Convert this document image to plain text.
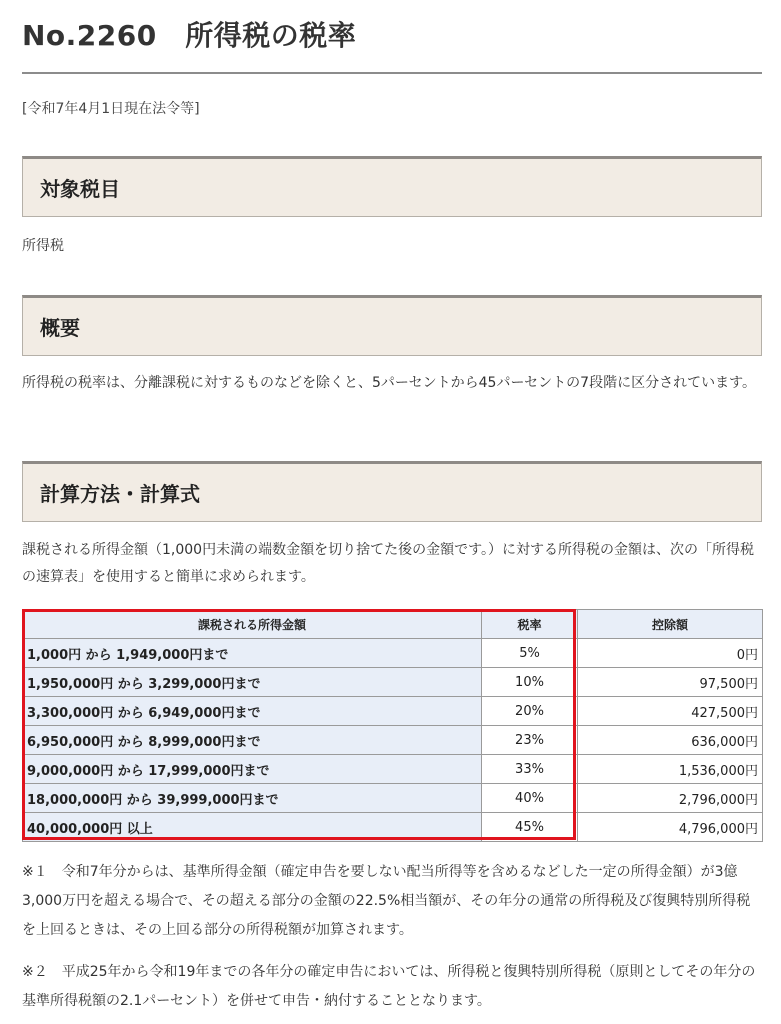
No.2260　所得税の税率
[令和7年4月1日現在法令等]
対象税目
所得税
概要
所得税の税率は、分離課税に対するものなどを除くと、5パーセントから45パーセントの7段階に区分されています。
計算方法・計算式
課税される所得金額（1,000円未満の端数金額を切り捨てた後の金額です。）に対する所得税の金額は、次の「所得税の速算表」を使用すると簡単に求められます。
課税される所得金額	税率	控除額
1,000円 から 1,949,000円まで	5%	0円
1,950,000円 から 3,299,000円まで	10%	97,500円
3,300,000円 から 6,949,000円まで	20%	427,500円
6,950,000円 から 8,999,000円まで	23%	636,000円
9,000,000円 から 17,999,000円まで	33%	1,536,000円
18,000,000円 から 39,999,000円まで	40%	2,796,000円
40,000,000円 以上	45%	4,796,000円
※１　令和7年分からは、基準所得金額（確定申告を要しない配当所得等を含めるなどした一定の所得金額）が3億3,000万円を超える場合で、その超える部分の金額の22.5%相当額が、その年分の通常の所得税及び復興特別所得税を上回るときは、その上回る部分の所得税額が加算されます。
※２　平成25年から令和19年までの各年分の確定申告においては、所得税と復興特別所得税（原則としてその年分の基準所得税額の2.1パーセント）を併せて申告・納付することとなります。
